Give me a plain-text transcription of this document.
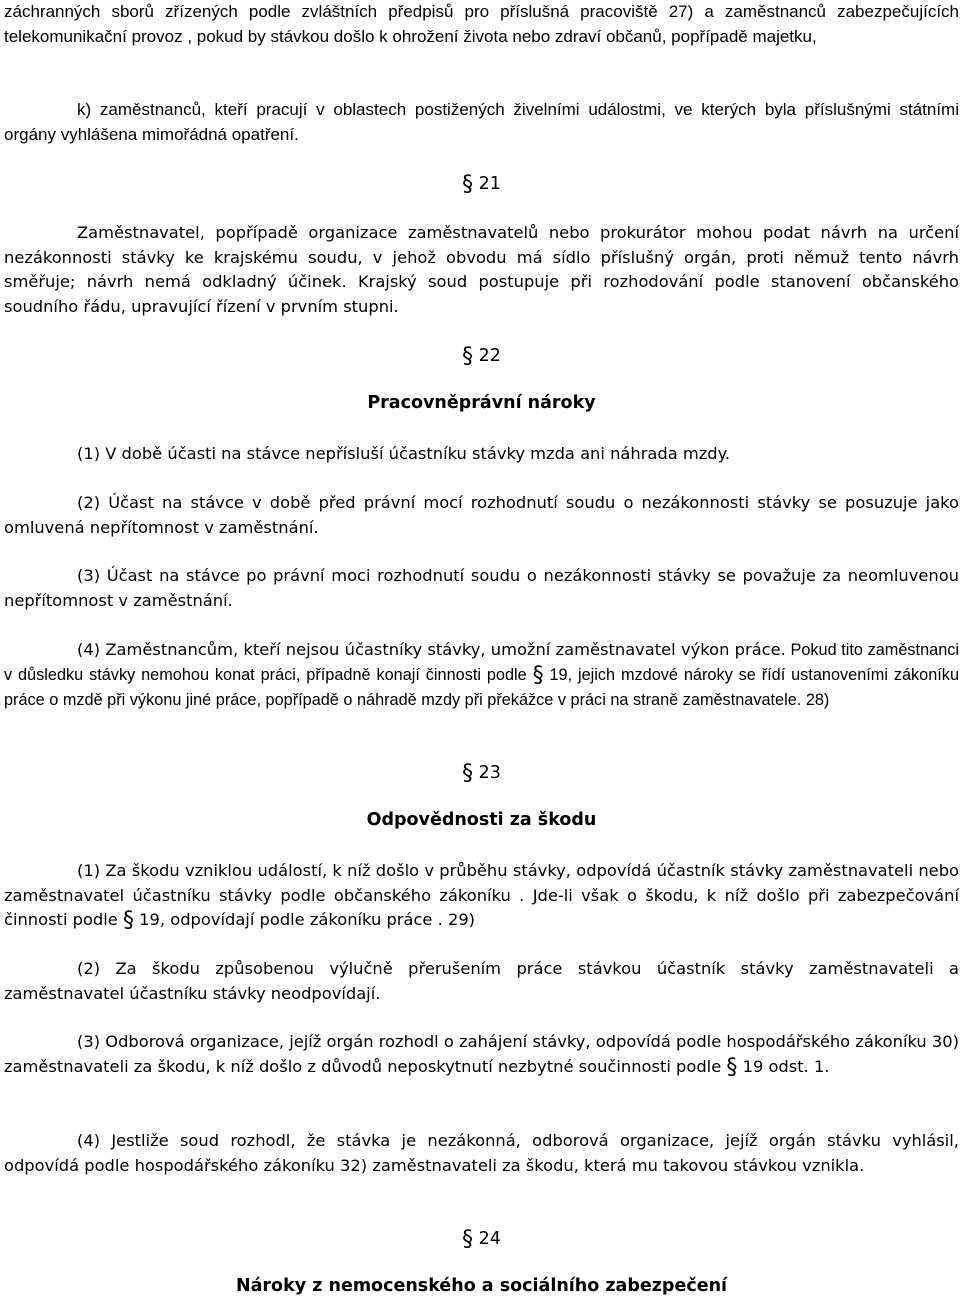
záchranných sborů zřízených podle zvláštních předpisů pro příslušná pracoviště 27) a zaměstnanců zabezpečujících telekomunikační provoz , pokud by stávkou došlo k ohrožení života nebo zdraví občanů, popřípadě majetku,

k) zaměstnanců, kteří pracují v oblastech postižených živelními událostmi, ve kterých byla příslušnými státními orgány vyhlášena mimořádná opatření.

§ 21

Zaměstnavatel, popřípadě organizace zaměstnavatelů nebo prokurátor mohou podat návrh na určení nezákonnosti stávky ke krajskému soudu, v jehož obvodu má sídlo příslušný orgán, proti němuž tento návrh směřuje; návrh nemá odkladný účinek. Krajský soud postupuje při rozhodování podle stanovení občanského soudního řádu, upravující řízení v prvním stupni.

§ 22

Pracovněprávní nároky

(1) V době účasti na stávce nepřísluší účastníku stávky mzda ani náhrada mzdy.

(2) Účast na stávce v době před právní mocí rozhodnutí soudu o nezákonnosti stávky se posuzuje jako omluvená nepřítomnost v zaměstnání.

(3) Účast na stávce po právní moci rozhodnutí soudu o nezákonnosti stávky se považuje za neomluvenou nepřítomnost v zaměstnání.

(4) Zaměstnancům, kteří nejsou účastníky stávky, umožní zaměstnavatel výkon práce. Pokud tito zaměstnanci v důsledku stávky nemohou konat práci, případně konají činnosti podle § 19, jejich mzdové nároky se řídí ustanoveními zákoníku práce o mzdě při výkonu jiné práce, popřípadě o náhradě mzdy při překážce v práci na straně zaměstnavatele. 28)

§ 23

Odpovědnosti za škodu

(1) Za škodu vzniklou událostí, k níž došlo v průběhu stávky, odpovídá účastník stávky zaměstnavateli nebo zaměstnavatel účastníku stávky podle občanského zákoníku . Jde-li však o škodu, k níž došlo při zabezpečování činnosti podle § 19, odpovídají podle zákoníku práce . 29)

(2) Za škodu způsobenou výlučně přerušením práce stávkou účastník stávky zaměstnavateli a zaměstnavatel účastníku stávky neodpovídají.

(3) Odborová organizace, jejíž orgán rozhodl o zahájení stávky, odpovídá podle hospodářského zákoníku 30) zaměstnavateli za škodu, k níž došlo z důvodů neposkytnutí nezbytné součinnosti podle § 19 odst. 1.

(4) Jestliže soud rozhodl, že stávka je nezákonná, odborová organizace, jejíž orgán stávku vyhlásil, odpovídá podle hospodářského zákoníku 32) zaměstnavateli za škodu, která mu takovou stávkou vznikla.

§ 24

Nároky z nemocenského a sociálního zabezpečení
